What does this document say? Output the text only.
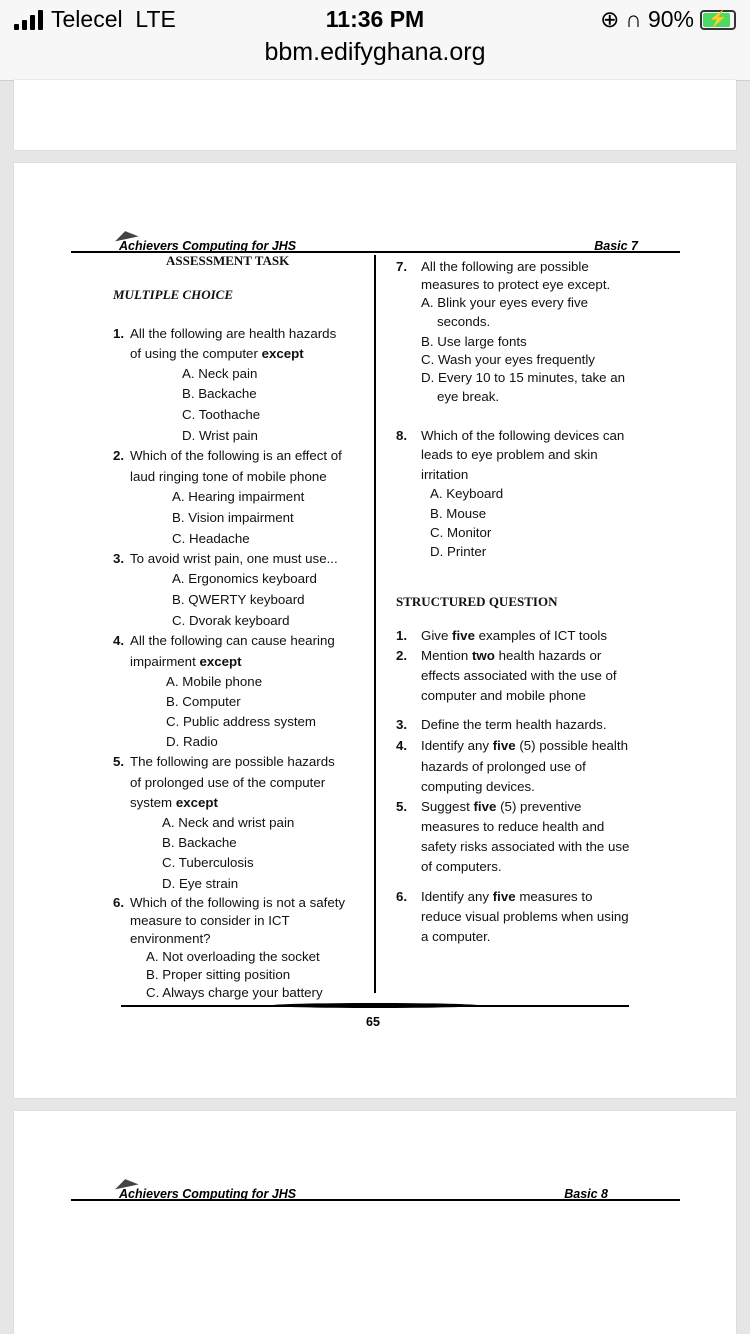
Telecel
LTE	11:36 PM
bbm.edifyghana.org
⊕ ∩ 90% ⚡
Achievers Computing for JHS	Basic 7
ASSESSMENT TASK
MULTIPLE CHOICE
STRUCTURED QUESTION
1. All the following are health hazards
of using the computer except
A. Neck pain
B. Backache
C. Toothache
D. Wrist pain
2. Which of the following is an effect of
laud ringing tone of mobile phone
A. Hearing impairment
B. Vision impairment
C. Headache
3. To avoid wrist pain, one must use...
A. Ergonomics keyboard
B. QWERTY keyboard
C. Dvorak keyboard
4. All the following can cause hearing
impairment except
A. Mobile phone
B. Computer
C. Public address system
D. Radio
5. The following are possible hazards
of prolonged use of the computer
system except
A. Neck and wrist pain
B. Backache
C. Tuberculosis
D. Eye strain
6. Which of the following is not a safety
measure to consider in ICT
environment?
A. Not overloading the socket
B. Proper sitting position
C. Always charge your battery
7. All the following are possible
measures to protect eye except.
A. Blink your eyes every five
seconds.
B. Use large fonts
C. Wash your eyes frequently
D. Every 10 to 15 minutes, take an
eye break.
8. Which of the following devices can
leads to eye problem and skin
irritation
A. Keyboard
B. Mouse
C. Monitor
D. Printer
1. Give five examples of ICT tools
2. Mention two health hazards or
effects associated with the use of
computer and mobile phone
3. Define the term health hazards.
4. Identify any five (5) possible health
hazards of prolonged use of
computing devices.
5. Suggest five (5) preventive
measures to reduce health and
safety risks associated with the use
of computers.
6. Identify any five measures to
reduce visual problems when using
a computer.
65
Achievers Computing for JHS	Basic 8
